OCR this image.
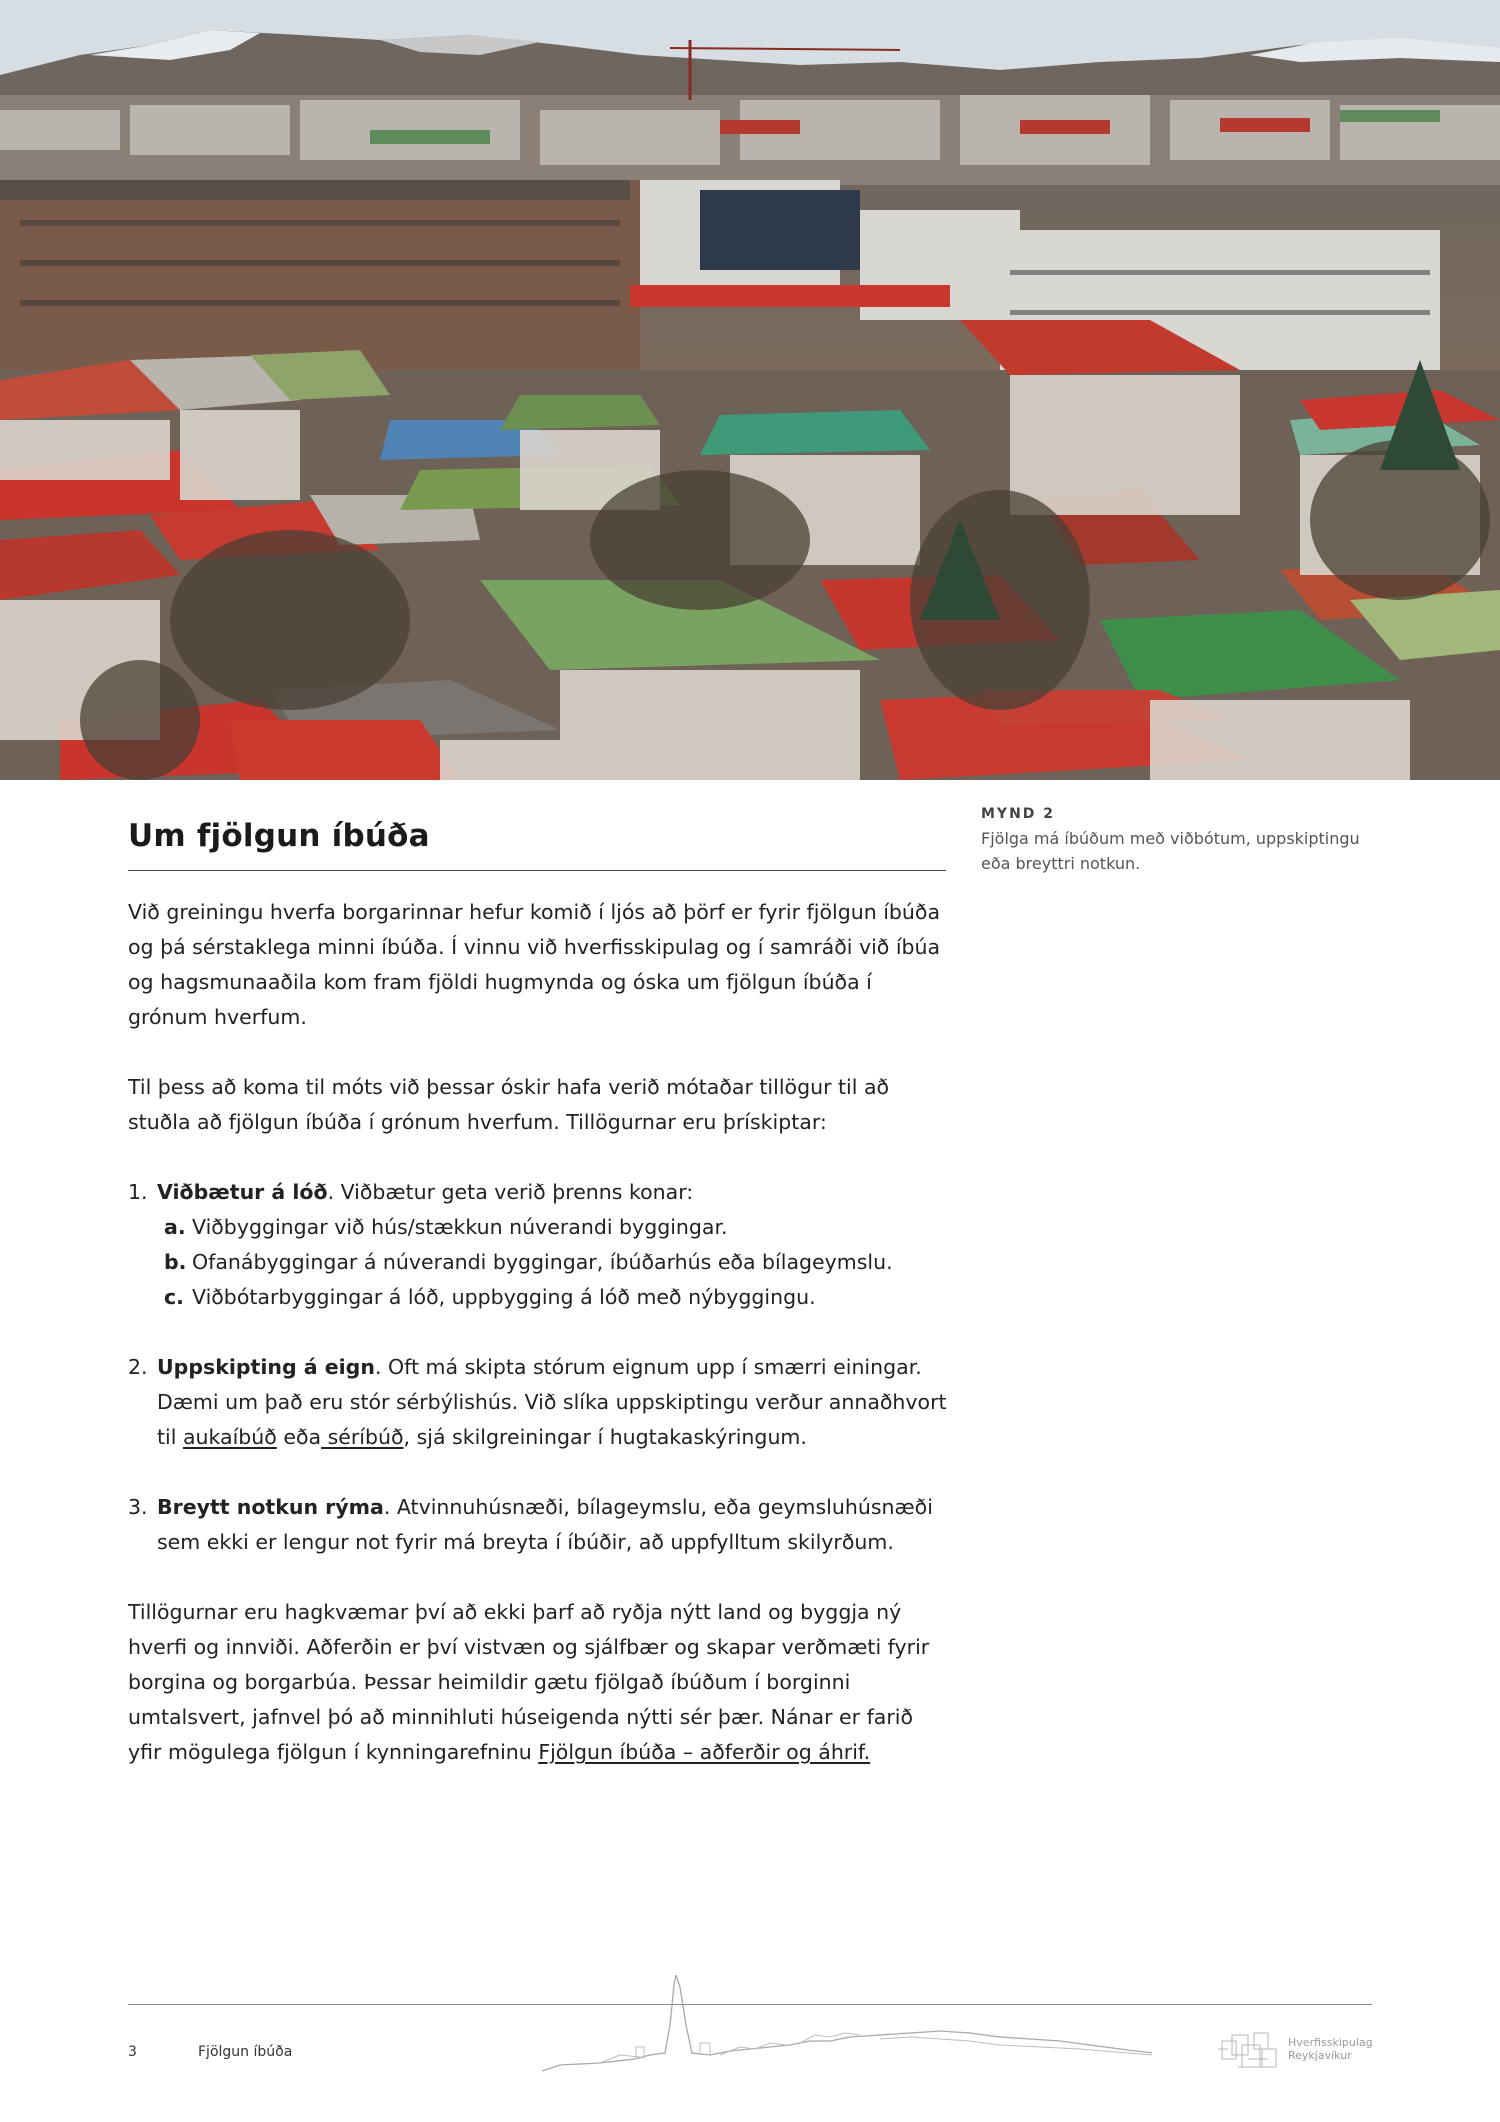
Um fjölgun íbúða
MYND 2
Fjölga má íbúðum með viðbótum, uppskiptingu eða breyttri notkun.

Við greiningu hverfa borgarinnar hefur komið í ljós að þörf er fyrir fjölgun íbúða og þá sérstaklega minni íbúða. Í vinnu við hverfisskipulag og í samráði við íbúa og hagsmunaaðila kom fram fjöldi hugmynda og óska um fjölgun íbúða í grónum hverfum.

Til þess að koma til móts við þessar óskir hafa verið mótaðar tillögur til að stuðla að fjölgun íbúða í grónum hverfum. Tillögurnar eru þrískiptar:

1. Viðbætur á lóð. Viðbætur geta verið þrenns konar:
a. Viðbyggingar við hús/stækkun núverandi byggingar.
b. Ofanábyggingar á núverandi byggingar, íbúðarhús eða bílageymslu.
c. Viðbótarbyggingar á lóð, uppbygging á lóð með nýbyggingu.
2. Uppskipting á eign. Oft má skipta stórum eignum upp í smærri einingar. Dæmi um það eru stór sérbýlishús. Við slíka uppskiptingu verður annaðhvort til aukaíbúð eða séríbúð, sjá skilgreiningar í hugtakaskýringum.
3. Breytt notkun rýma. Atvinnuhúsnæði, bílageymslu, eða geymsluhúsnæði sem ekki er lengur not fyrir má breyta í íbúðir, að uppfylltum skilyrðum.

Tillögurnar eru hagkvæmar því að ekki þarf að ryðja nýtt land og byggja ný hverfi og innviði. Aðferðin er því vistvæn og sjálfbær og skapar verðmæti fyrir borgina og borgarbúa. Þessar heimildir gætu fjölgað íbúðum í borginni umtalsvert, jafnvel þó að minnihluti húseigenda nýtti sér þær. Nánar er farið yfir mögulega fjölgun í kynningarefninu Fjölgun íbúða – aðferðir og áhrif.

3	Fjölgun íbúða
Hverfisskipulag
Reykjavíkur
